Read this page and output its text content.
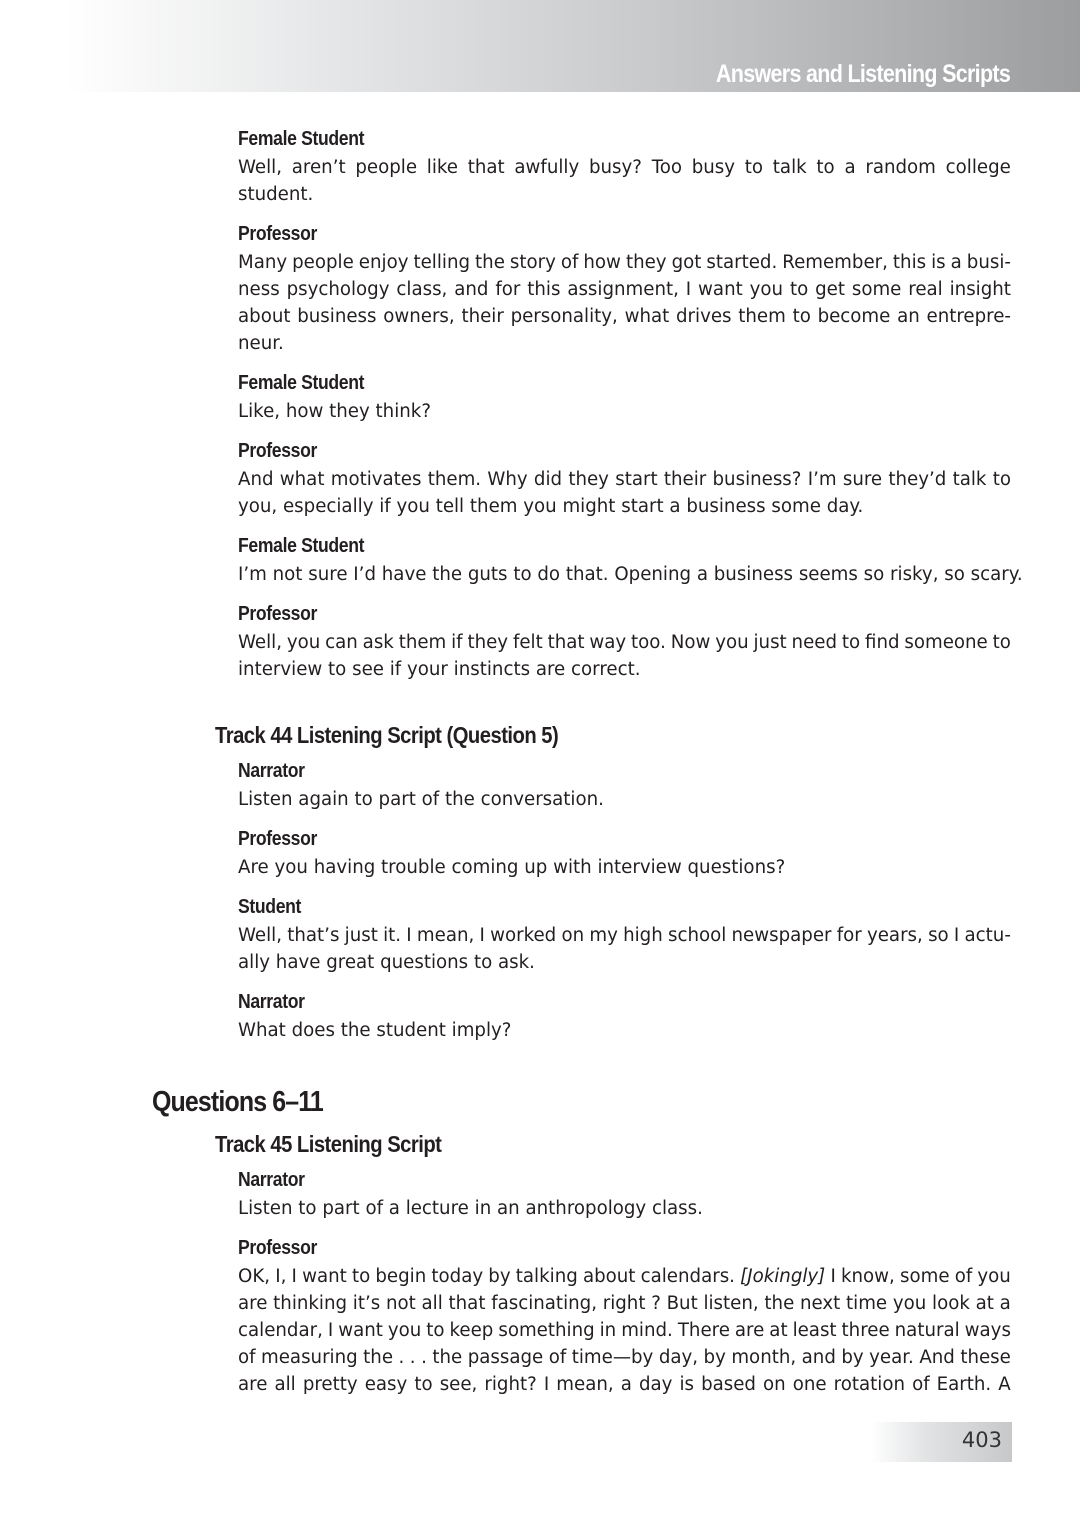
Answers and Listening Scripts
Female Student
Well, aren’t people like that awfully busy? Too busy to talk to a random college
student.
Professor
Many people enjoy telling the story of how they got started. Remember, this is a busi-
ness psychology class, and for this assignment, I want you to get some real insight
about business owners, their personality, what drives them to become an entrepre-
neur.
Female Student
Like, how they think?
Professor
And what motivates them. Why did they start their business? I’m sure they’d talk to
you, especially if you tell them you might start a business some day.
Female Student
I’m not sure I’d have the guts to do that. Opening a business seems so risky, so scary.
Professor
Well, you can ask them if they felt that way too. Now you just need to find someone to
interview to see if your instincts are correct.
Track 44 Listening Script (Question 5)
Narrator
Listen again to part of the conversation.
Professor
Are you having trouble coming up with interview questions?
Student
Well, that’s just it. I mean, I worked on my high school newspaper for years, so I actu-
ally have great questions to ask.
Narrator
What does the student imply?
Questions 6–11
Track 45 Listening Script
Narrator
Listen to part of a lecture in an anthropology class.
Professor
OK, I, I want to begin today by talking about calendars. [Jokingly] I know, some of you
are thinking it’s not all that fascinating, right ? But listen, the next time you look at a
calendar, I want you to keep something in mind. There are at least three natural ways
of measuring the . . . the passage of time—by day, by month, and by year. And these
are all pretty easy to see, right? I mean, a day is based on one rotation of Earth. A
403
